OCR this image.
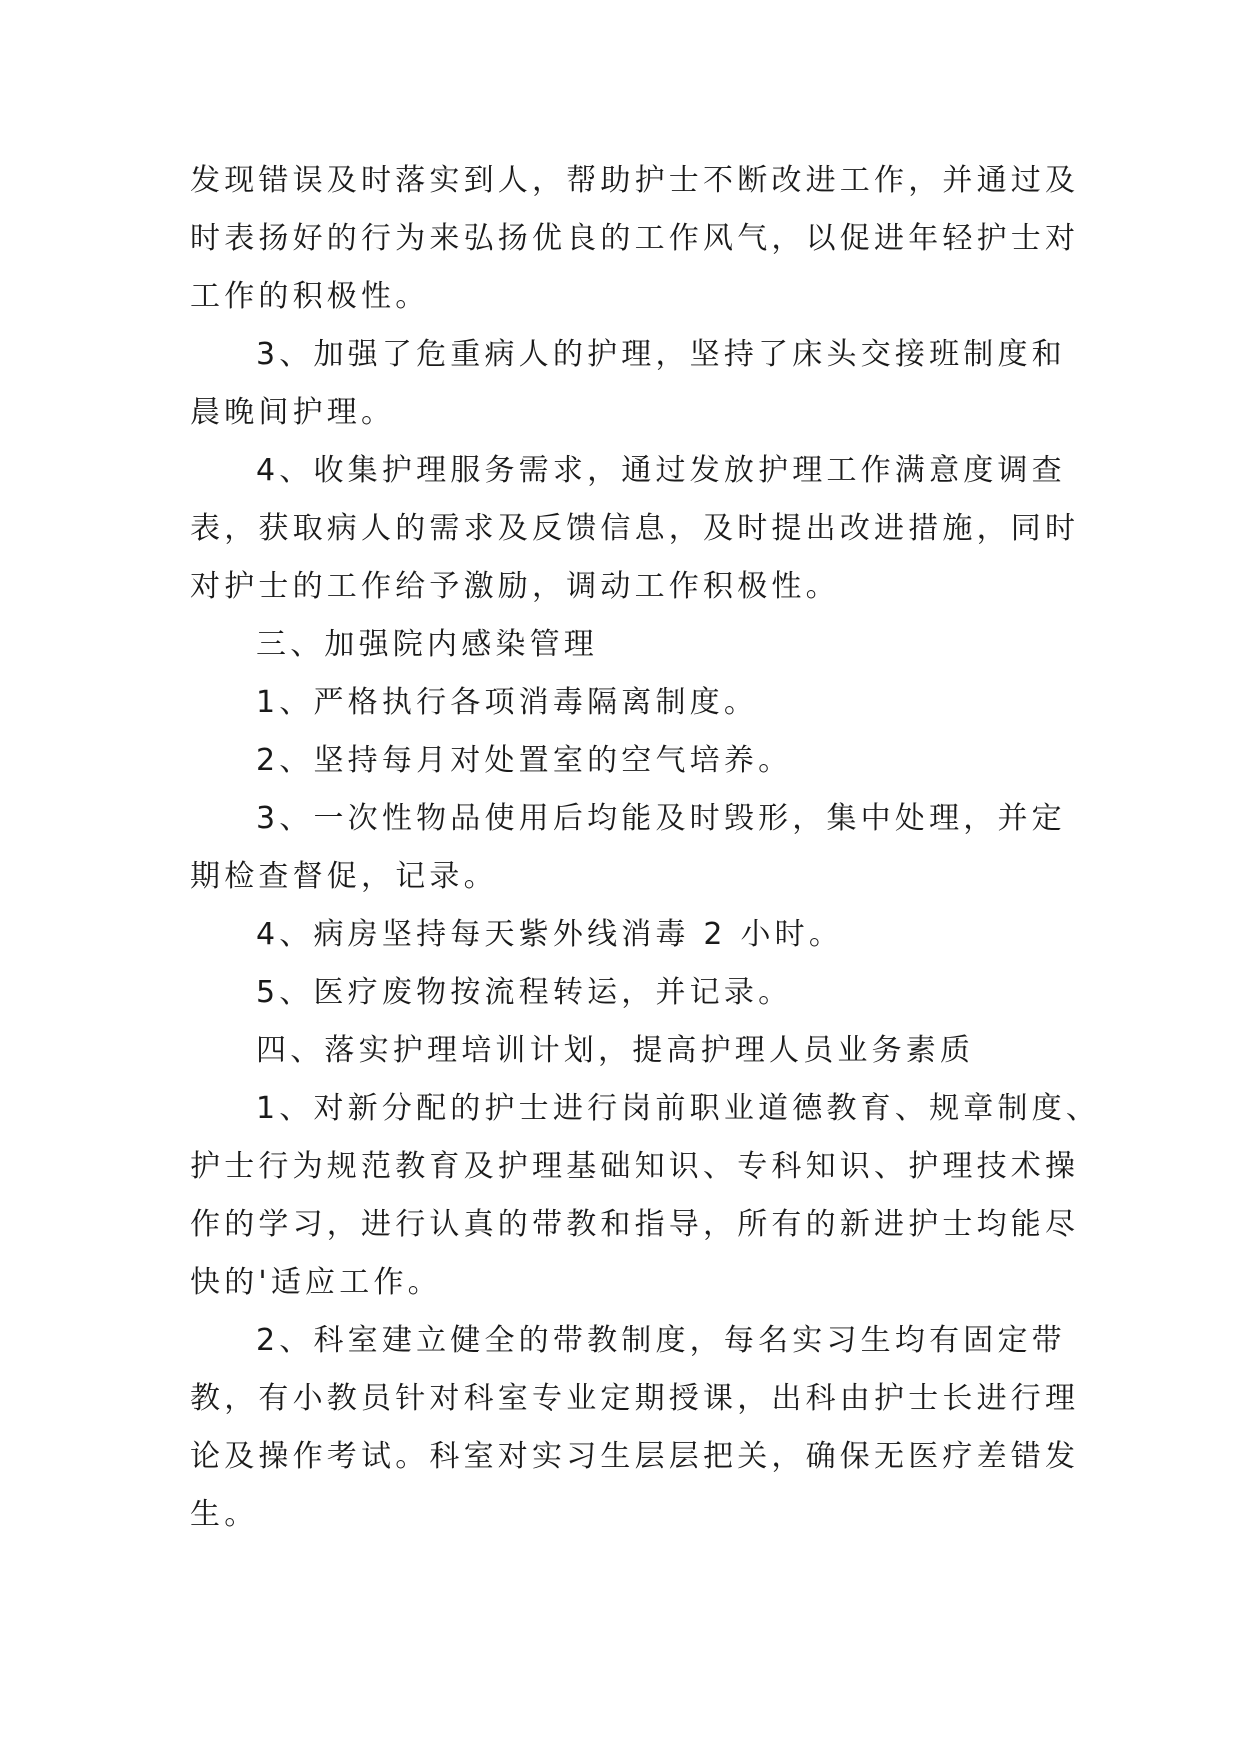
发现错误及时落实到人，帮助护士不断改进工作，并通过及
时表扬好的行为来弘扬优良的工作风气，以促进年轻护士对
工作的积极性。
3、加强了危重病人的护理，坚持了床头交接班制度和
晨晚间护理。
4、收集护理服务需求，通过发放护理工作满意度调查
表，获取病人的需求及反馈信息，及时提出改进措施，同时
对护士的工作给予激励，调动工作积极性。
三、加强院内感染管理
1、严格执行各项消毒隔离制度。
2、坚持每月对处置室的空气培养。
3、一次性物品使用后均能及时毁形，集中处理，并定
期检查督促，记录。
4、病房坚持每天紫外线消毒 2 小时。
5、医疗废物按流程转运，并记录。
四、落实护理培训计划，提高护理人员业务素质
1、对新分配的护士进行岗前职业道德教育、规章制度、
护士行为规范教育及护理基础知识、专科知识、护理技术操
作的学习，进行认真的带教和指导，所有的新进护士均能尽
快的'适应工作。
2、科室建立健全的带教制度，每名实习生均有固定带
教，有小教员针对科室专业定期授课，出科由护士长进行理
论及操作考试。科室对实习生层层把关，确保无医疗差错发
生。
